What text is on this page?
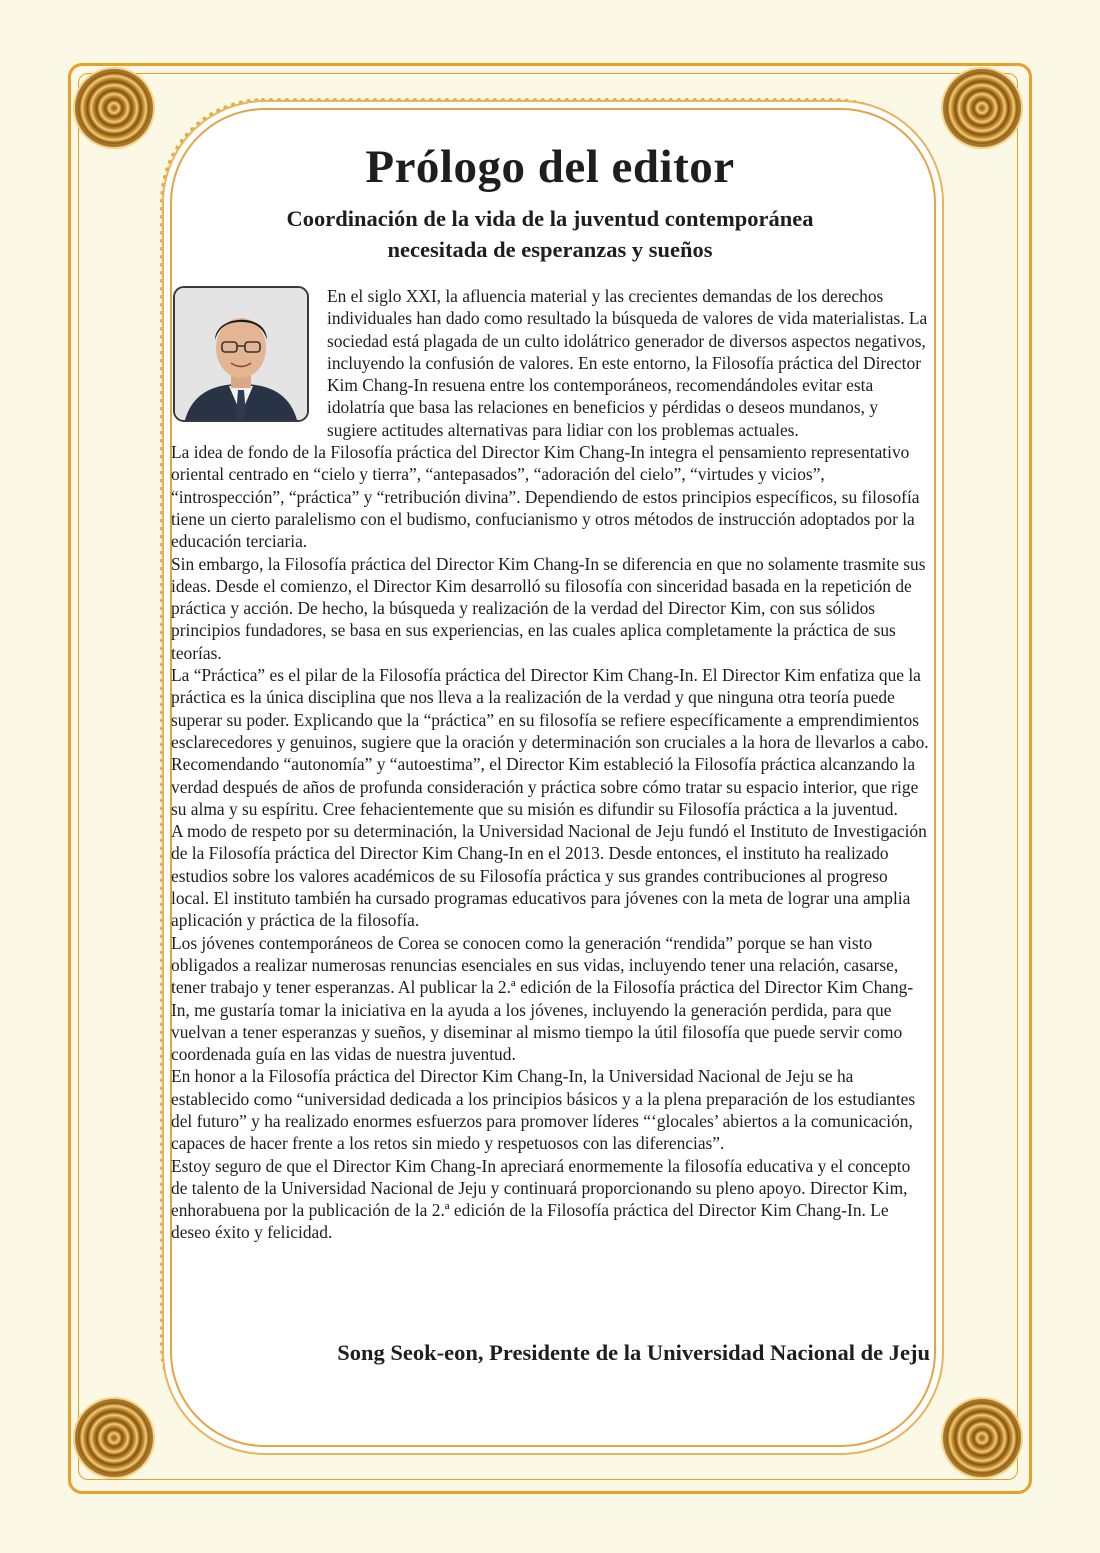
Prólogo del editor
Coordinación de la vida de la juventud contemporánea
necesitada de esperanzas y sueños

En el siglo XXI, la afluencia material y las crecientes demandas de los derechos individuales han dado como resultado la búsqueda de valores de vida materialistas. La sociedad está plagada de un culto idolátrico generador de diversos aspectos negativos, incluyendo la confusión de valores. En este entorno, la Filosofía práctica del Director Kim Chang-In resuena entre los contemporáneos, recomendándoles evitar esta idolatría que basa las relaciones en beneficios y pérdidas o deseos mundanos, y sugiere actitudes alternativas para lidiar con los problemas actuales.

La idea de fondo de la Filosofía práctica del Director Kim Chang-In integra el pensamiento representativo oriental centrado en “cielo y tierra”, “antepasados”, “adoración del cielo”, “virtudes y vicios”, “introspección”, “práctica” y “retribución divina”. Dependiendo de estos principios específicos, su filosofía tiene un cierto paralelismo con el budismo, confucianismo y otros métodos de instrucción adoptados por la educación terciaria.

Sin embargo, la Filosofía práctica del Director Kim Chang-In se diferencia en que no solamente trasmite sus ideas. Desde el comienzo, el Director Kim desarrolló su filosofía con sinceridad basada en la repetición de práctica y acción. De hecho, la búsqueda y realización de la verdad del Director Kim, con sus sólidos principios fundadores, se basa en sus experiencias, en las cuales aplica completamente la práctica de sus teorías.

La “Práctica” es el pilar de la Filosofía práctica del Director Kim Chang-In. El Director Kim enfatiza que la práctica es la única disciplina que nos lleva a la realización de la verdad y que ninguna otra teoría puede superar su poder. Explicando que la “práctica” en su filosofía se refiere específicamente a emprendimientos esclarecedores y genuinos, sugiere que la oración y determinación son cruciales a la hora de llevarlos a cabo.

Recomendando “autonomía” y “autoestima”, el Director Kim estableció la Filosofía práctica alcanzando la verdad después de años de profunda consideración y práctica sobre cómo tratar su espacio interior, que rige su alma y su espíritu. Cree fehacientemente que su misión es difundir su Filosofía práctica a la juventud.

A modo de respeto por su determinación, la Universidad Nacional de Jeju fundó el Instituto de Investigación de la Filosofía práctica del Director Kim Chang-In en el 2013. Desde entonces, el instituto ha realizado estudios sobre los valores académicos de su Filosofía práctica y sus grandes contribuciones al progreso local. El instituto también ha cursado programas educativos para jóvenes con la meta de lograr una amplia aplicación y práctica de la filosofía.

Los jóvenes contemporáneos de Corea se conocen como la generación “rendida” porque se han visto obligados a realizar numerosas renuncias esenciales en sus vidas, incluyendo tener una relación, casarse, tener trabajo y tener esperanzas. Al publicar la 2.ª edición de la Filosofía práctica del Director Kim Chang-In, me gustaría tomar la iniciativa en la ayuda a los jóvenes, incluyendo la generación perdida, para que vuelvan a tener esperanzas y sueños, y diseminar al mismo tiempo la útil filosofía que puede servir como coordenada guía en las vidas de nuestra juventud.

En honor a la Filosofía práctica del Director Kim Chang-In, la Universidad Nacional de Jeju se ha establecido como “universidad dedicada a los principios básicos y a la plena preparación de los estudiantes del futuro” y ha realizado enormes esfuerzos para promover líderes “‘glocales’ abiertos a la comunicación, capaces de hacer frente a los retos sin miedo y respetuosos con las diferencias”.

Estoy seguro de que el Director Kim Chang-In apreciará enormemente la filosofía educativa y el concepto de talento de la Universidad Nacional de Jeju y continuará proporcionando su pleno apoyo. Director Kim, enhorabuena por la publicación de la 2.ª edición de la Filosofía práctica del Director Kim Chang-In. Le deseo éxito y felicidad.

Song Seok-eon, Presidente de la Universidad Nacional de Jeju
